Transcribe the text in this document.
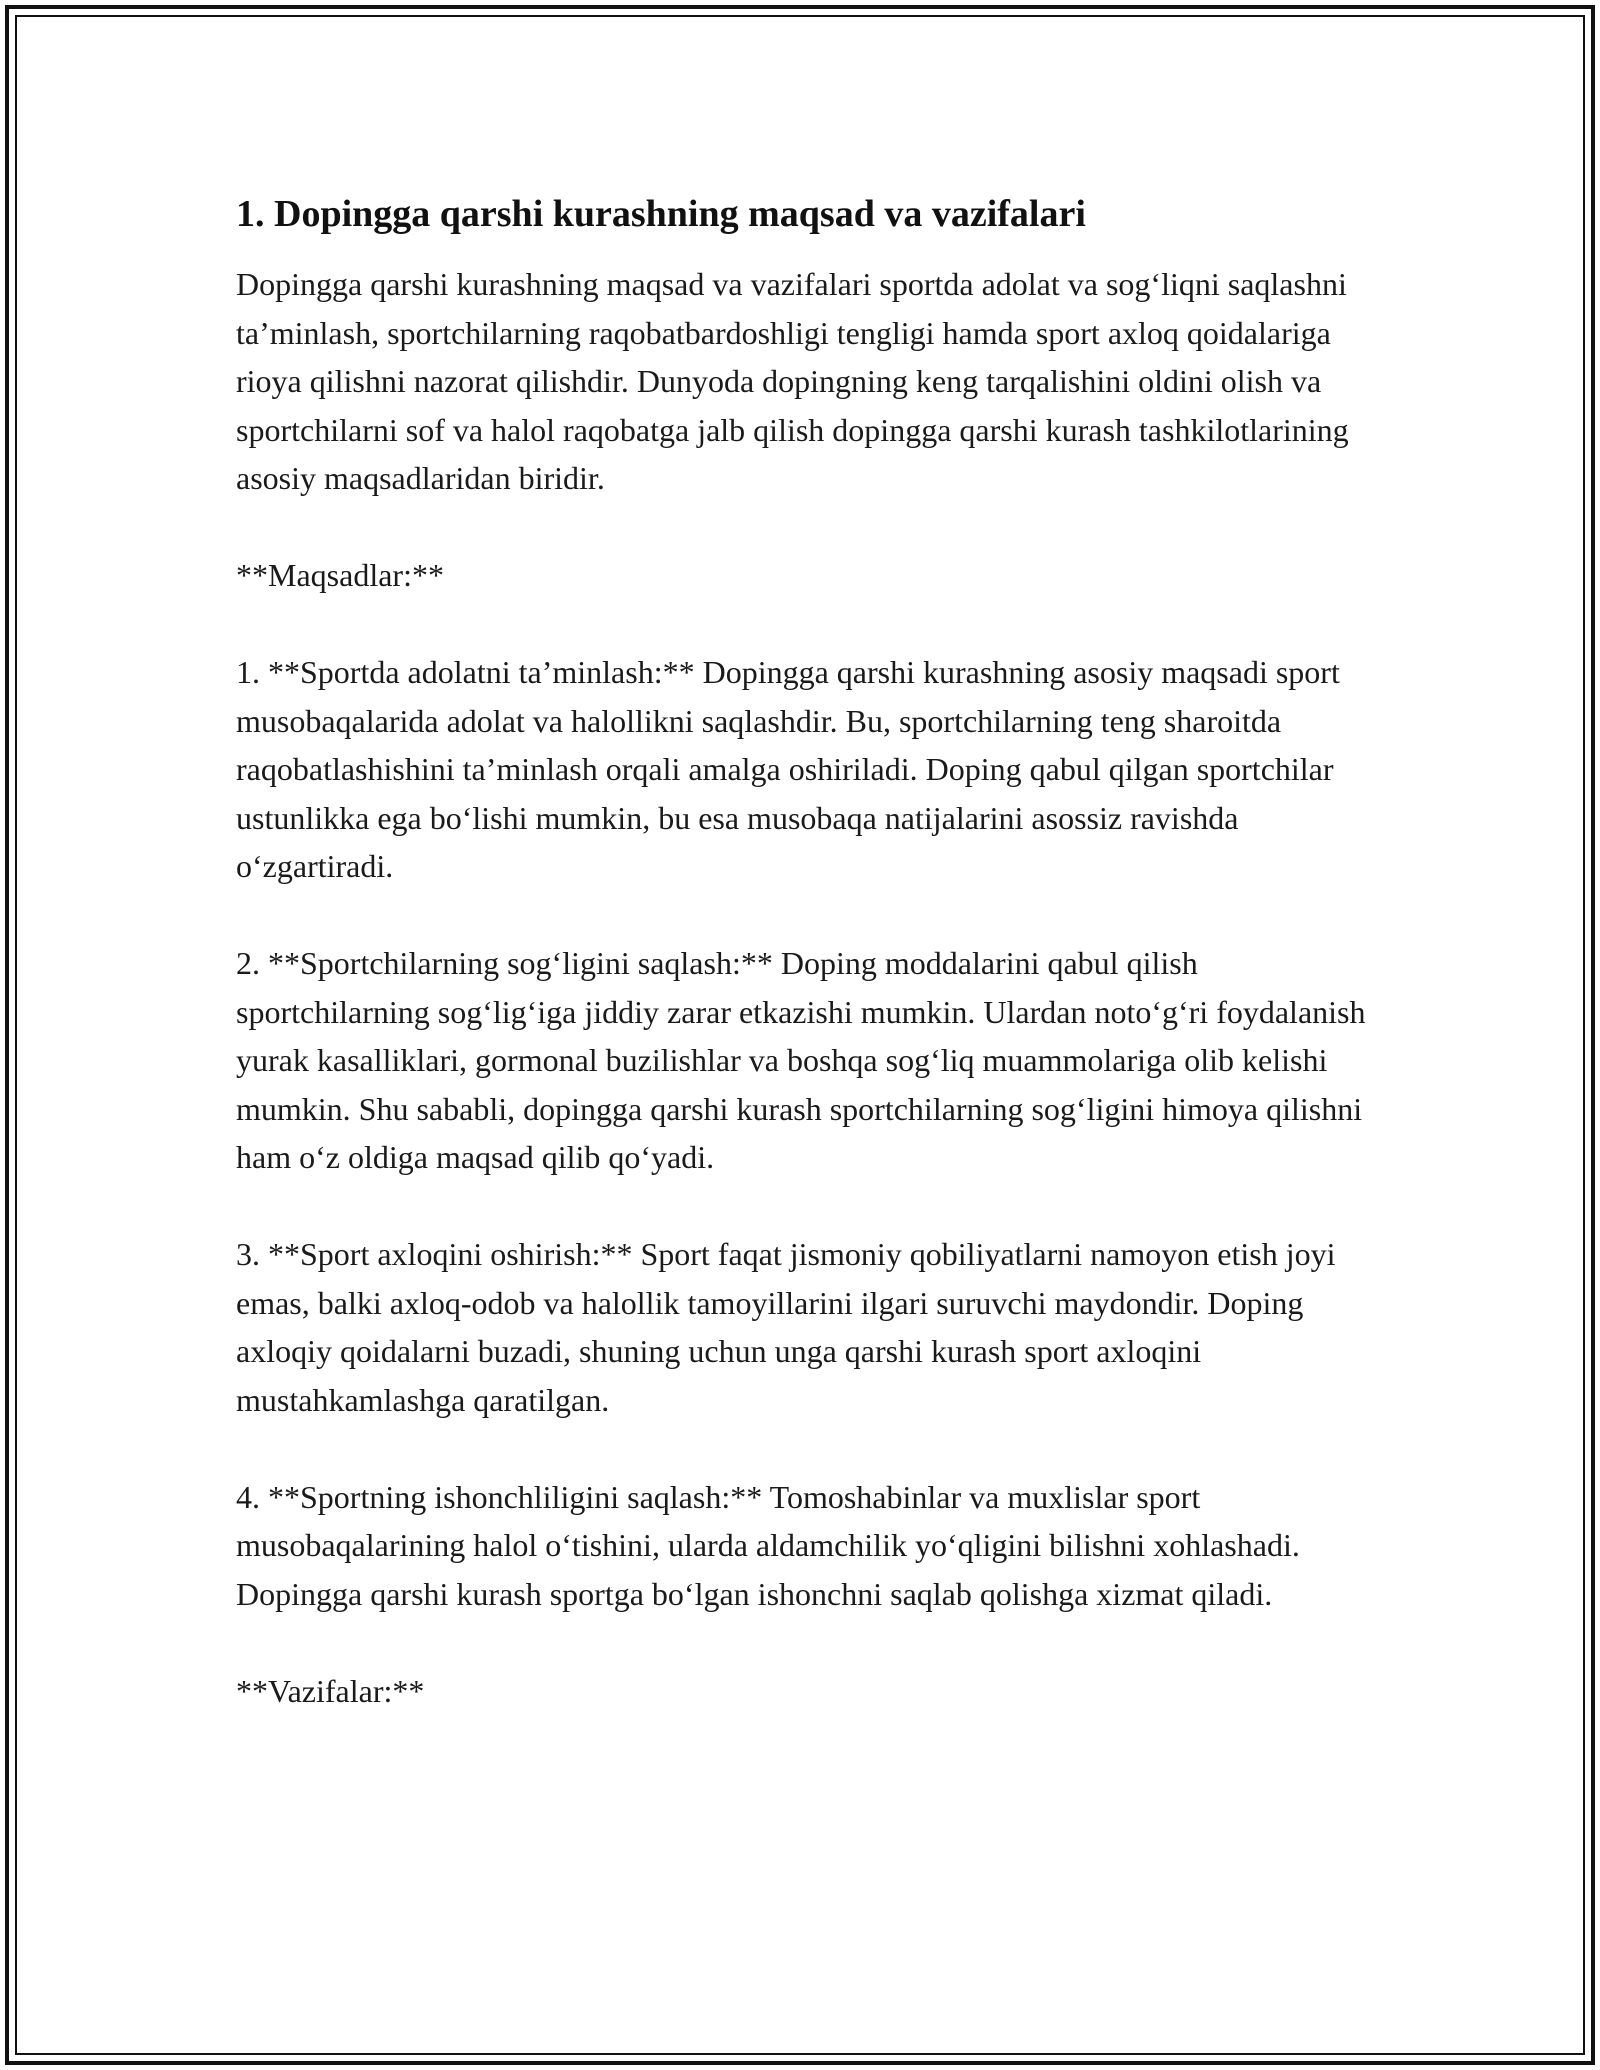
1. Dopingga qarshi kurashning maqsad va vazifalari

Dopingga qarshi kurashning maqsad va vazifalari sportda adolat va sog‘liqni saqlashni ta’minlash, sportchilarning raqobatbardoshligi tengligi hamda sport axloq qoidalariga rioya qilishni nazorat qilishdir. Dunyoda dopingning keng tarqalishini oldini olish va sportchilarni sof va halol raqobatga jalb qilish dopingga qarshi kurash tashkilotlarining asosiy maqsadlaridan biridir.

**Maqsadlar:**

1. **Sportda adolatni ta’minlash:** Dopingga qarshi kurashning asosiy maqsadi sport musobaqalarida adolat va halollikni saqlashdir. Bu, sportchilarning teng sharoitda raqobatlashishini ta’minlash orqali amalga oshiriladi. Doping qabul qilgan sportchilar ustunlikka ega bo‘lishi mumkin, bu esa musobaqa natijalarini asossiz ravishda o‘zgartiradi.

2. **Sportchilarning sog‘ligini saqlash:** Doping moddalarini qabul qilish sportchilarning sog‘lig‘iga jiddiy zarar etkazishi mumkin. Ulardan noto‘g‘ri foydalanish yurak kasalliklari, gormonal buzilishlar va boshqa sog‘liq muammolariga olib kelishi mumkin. Shu sababli, dopingga qarshi kurash sportchilarning sog‘ligini himoya qilishni ham o‘z oldiga maqsad qilib qo‘yadi.

3. **Sport axloqini oshirish:** Sport faqat jismoniy qobiliyatlarni namoyon etish joyi emas, balki axloq-odob va halollik tamoyillarini ilgari suruvchi maydondir. Doping axloqiy qoidalarni buzadi, shuning uchun unga qarshi kurash sport axloqini mustahkamlashga qaratilgan.

4. **Sportning ishonchliligini saqlash:** Tomoshabinlar va muxlislar sport musobaqalarining halol o‘tishini, ularda aldamchilik yo‘qligini bilishni xohlashadi. Dopingga qarshi kurash sportga bo‘lgan ishonchni saqlab qolishga xizmat qiladi.

**Vazifalar:**
